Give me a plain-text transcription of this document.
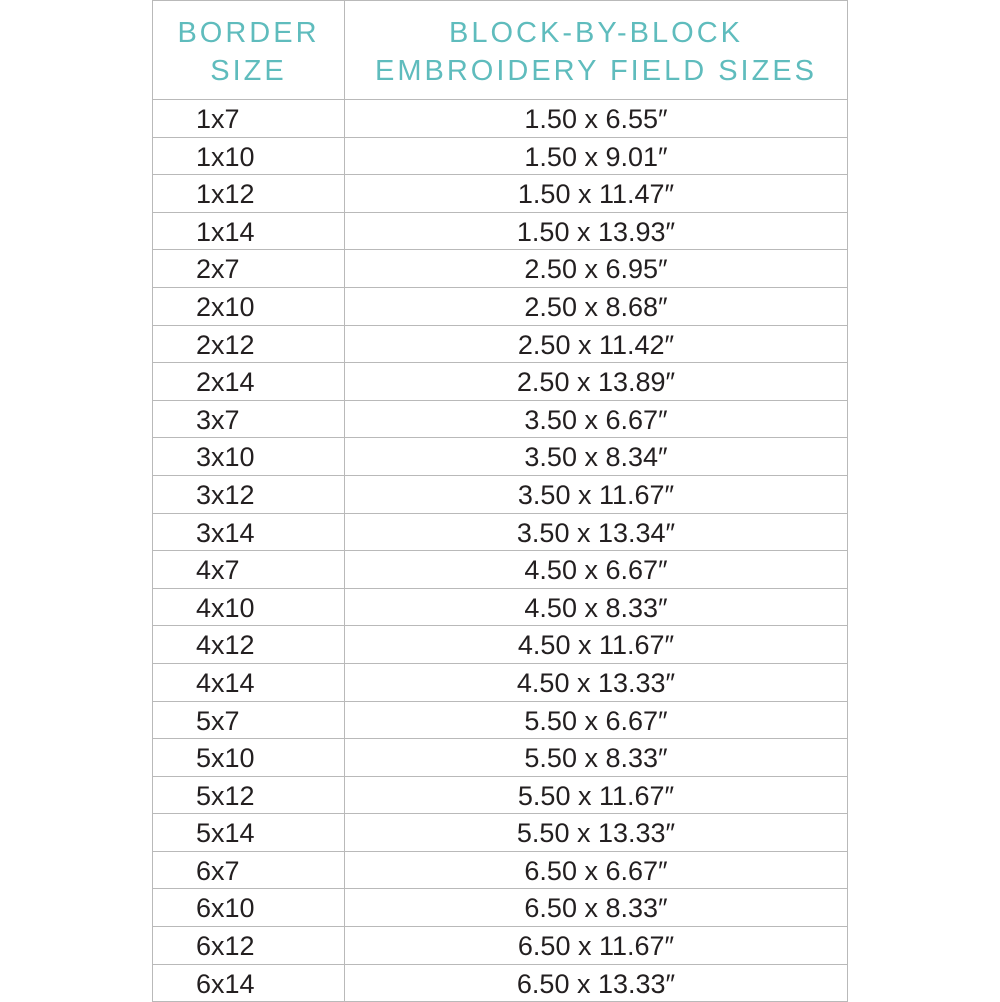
BORDER
SIZE	BLOCK-BY-BLOCK
EMBROIDERY FIELD SIZES

1x7	1.50 x 6.55″
1x10	1.50 x 9.01″
1x12	1.50 x 11.47″
1x14	1.50 x 13.93″
2x7	2.50 x 6.95″
2x10	2.50 x 8.68″
2x12	2.50 x 11.42″
2x14	2.50 x 13.89″
3x7	3.50 x 6.67″
3x10	3.50 x 8.34″
3x12	3.50 x 11.67″
3x14	3.50 x 13.34″
4x7	4.50 x 6.67″
4x10	4.50 x 8.33″
4x12	4.50 x 11.67″
4x14	4.50 x 13.33″
5x7	5.50 x 6.67″
5x10	5.50 x 8.33″
5x12	5.50 x 11.67″
5x14	5.50 x 13.33″
6x7	6.50 x 6.67″
6x10	6.50 x 8.33″
6x12	6.50 x 11.67″
6x14	6.50 x 13.33″
